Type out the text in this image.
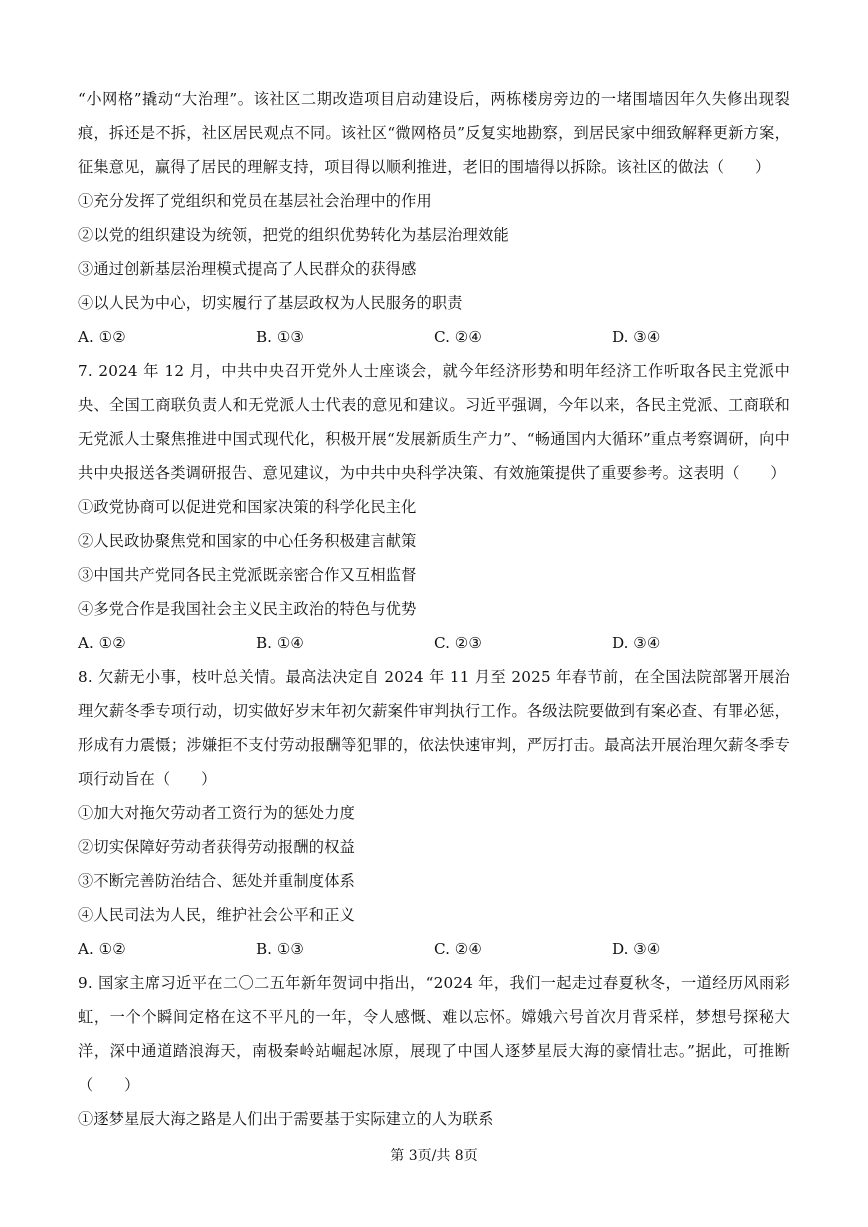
“小网格”撬动“大治理”。该社区二期改造项目启动建设后，两栋楼房旁边的一堵围墙因年久失修出现裂痕，拆还是不拆，社区居民观点不同。该社区“微网格员”反复实地勘察，到居民家中细致解释更新方案，征集意见，赢得了居民的理解支持，项目得以顺利推进，老旧的围墙得以拆除。该社区的做法（　　）

①充分发挥了党组织和党员在基层社会治理中的作用

②以党的组织建设为统领，把党的组织优势转化为基层治理效能

③通过创新基层治理模式提高了人民群众的获得感

④以人民为中心，切实履行了基层政权为人民服务的职责

A. ①②	B. ①③	C. ②④	D. ③④

7. 2024 年 12 月，中共中央召开党外人士座谈会，就今年经济形势和明年经济工作听取各民主党派中央、全国工商联负责人和无党派人士代表的意见和建议。习近平强调，今年以来，各民主党派、工商联和无党派人士聚焦推进中国式现代化，积极开展“发展新质生产力”、“畅通国内大循环”重点考察调研，向中共中央报送各类调研报告、意见建议，为中共中央科学决策、有效施策提供了重要参考。这表明（　　）

①政党协商可以促进党和国家决策的科学化民主化

②人民政协聚焦党和国家的中心任务积极建言献策

③中国共产党同各民主党派既亲密合作又互相监督

④多党合作是我国社会主义民主政治的特色与优势

A. ①②	B. ①④	C. ②③	D. ③④

8. 欠薪无小事，枝叶总关情。最高法决定自 2024 年 11 月至 2025 年春节前，在全国法院部署开展治理欠薪冬季专项行动，切实做好岁末年初欠薪案件审判执行工作。各级法院要做到有案必查、有罪必惩，形成有力震慑；涉嫌拒不支付劳动报酬等犯罪的，依法快速审判，严厉打击。最高法开展治理欠薪冬季专项行动旨在（　　）

①加大对拖欠劳动者工资行为的惩处力度

②切实保障好劳动者获得劳动报酬的权益

③不断完善防治结合、惩处并重制度体系

④人民司法为人民，维护社会公平和正义

A. ①②	B. ①③	C. ②④	D. ③④

9. 国家主席习近平在二〇二五年新年贺词中指出，“2024 年，我们一起走过春夏秋冬，一道经历风雨彩虹，一个个瞬间定格在这不平凡的一年，令人感慨、难以忘怀。嫦娥六号首次月背采样，梦想号探秘大洋，深中通道踏浪海天，南极秦岭站崛起冰原，展现了中国人逐梦星辰大海的豪情壮志。”据此，可推断（　　）

①逐梦星辰大海之路是人们出于需要基于实际建立的人为联系

第 3页/共 8页
